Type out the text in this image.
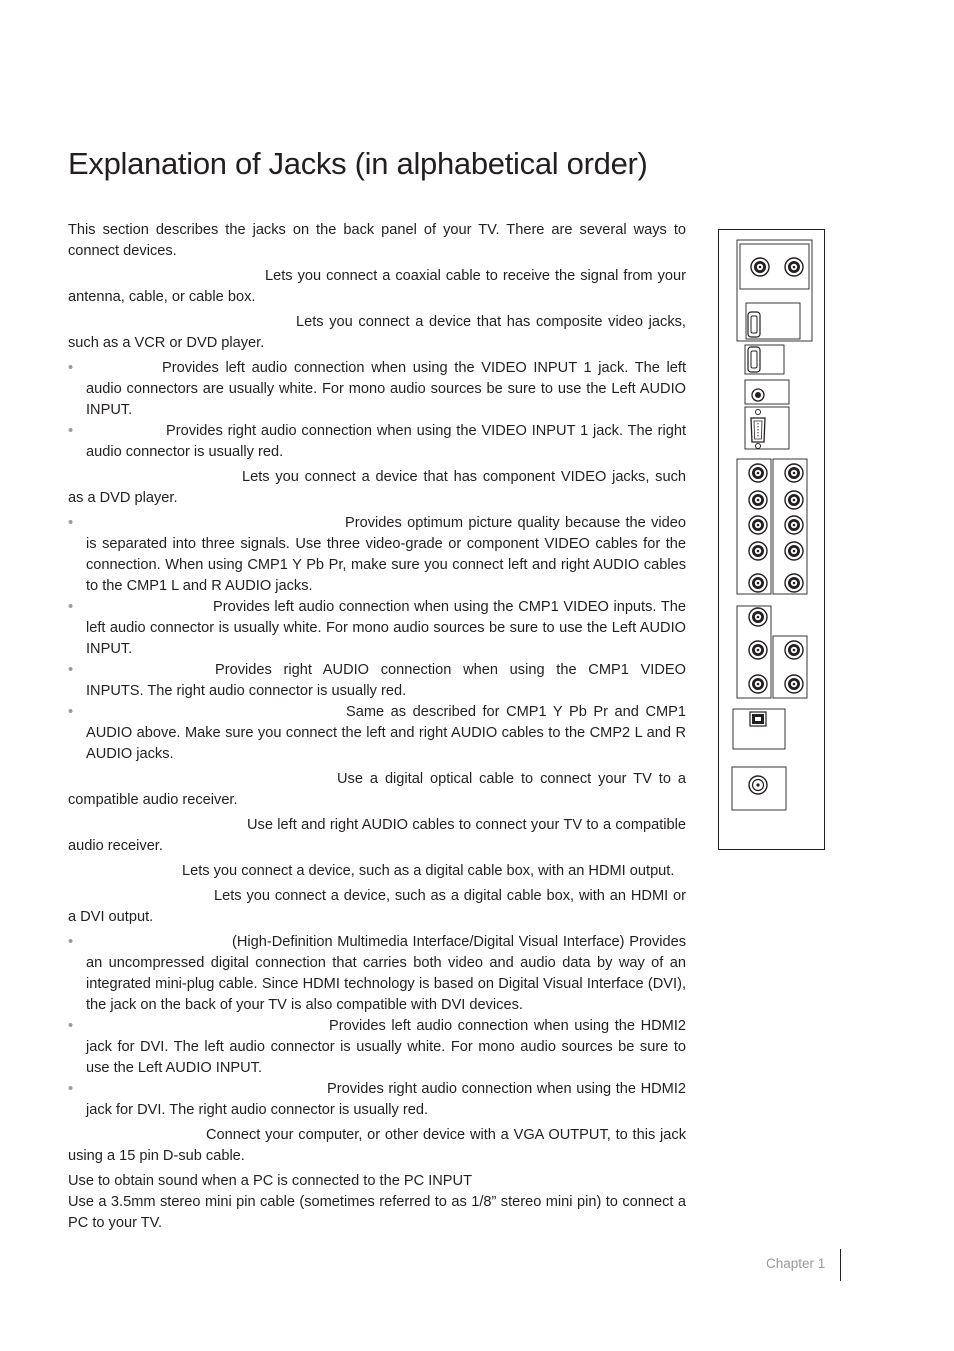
Explanation of Jacks (in alphabetical order)

This section describes the jacks on the back panel of your TV. There are several ways to connect devices.

Lets you connect a coaxial cable to receive the signal from your antenna, cable, or cable box.

Lets you connect a device that has composite video jacks, such as a VCR or DVD player.

•	Provides left audio connection when using the VIDEO INPUT 1 jack. The left audio connectors are usually white. For mono audio sources be sure to use the Left AUDIO INPUT.

•	Provides right audio connection when using the VIDEO INPUT 1 jack. The right audio connector is usually red.

Lets you connect a device that has component VIDEO jacks, such as a DVD player.

•	Provides optimum picture quality because the video is separated into three signals. Use three video-grade or component VIDEO cables for the connection. When using CMP1 Y Pb Pr, make sure you connect left and right AUDIO cables to the CMP1 L and R AUDIO jacks.

•	Provides left audio connection when using the CMP1 VIDEO inputs. The left audio connector is usually white. For mono audio sources be sure to use the Left AUDIO INPUT.

•	Provides right AUDIO connection when using the CMP1 VIDEO INPUTS. The right audio connector is usually red.

•	Same as described for CMP1 Y Pb Pr and CMP1 AUDIO above. Make sure you connect the left and right AUDIO cables to the CMP2 L and R AUDIO jacks.

Use a digital optical cable to connect your TV to a compatible audio receiver.

Use left and right AUDIO cables to connect your TV to a compatible audio receiver.

Lets you connect a device, such as a digital cable box, with an HDMI output.

Lets you connect a device, such as a digital cable box, with an HDMI or a DVI output.

•	(High-Definition Multimedia Interface/Digital Visual Interface) Provides an uncompressed digital connection that carries both video and audio data by way of an integrated mini-plug cable. Since HDMI technology is based on Digital Visual Interface (DVI), the jack on the back of your TV is also compatible with DVI devices.

•	Provides left audio connection when using the HDMI2 jack for DVI. The left audio connector is usually white. For mono audio sources be sure to use the Left AUDIO INPUT.

•	Provides right audio connection when using the HDMI2 jack for DVI. The right audio connector is usually red.

Connect your computer, or other device with a VGA OUTPUT, to this jack using a 15 pin D-sub cable.

Use to obtain sound when a PC is connected to the PC INPUT

Use a 3.5mm stereo mini pin cable (sometimes referred to as 1/8” stereo mini pin) to connect a PC to your TV.

Chapter 1
